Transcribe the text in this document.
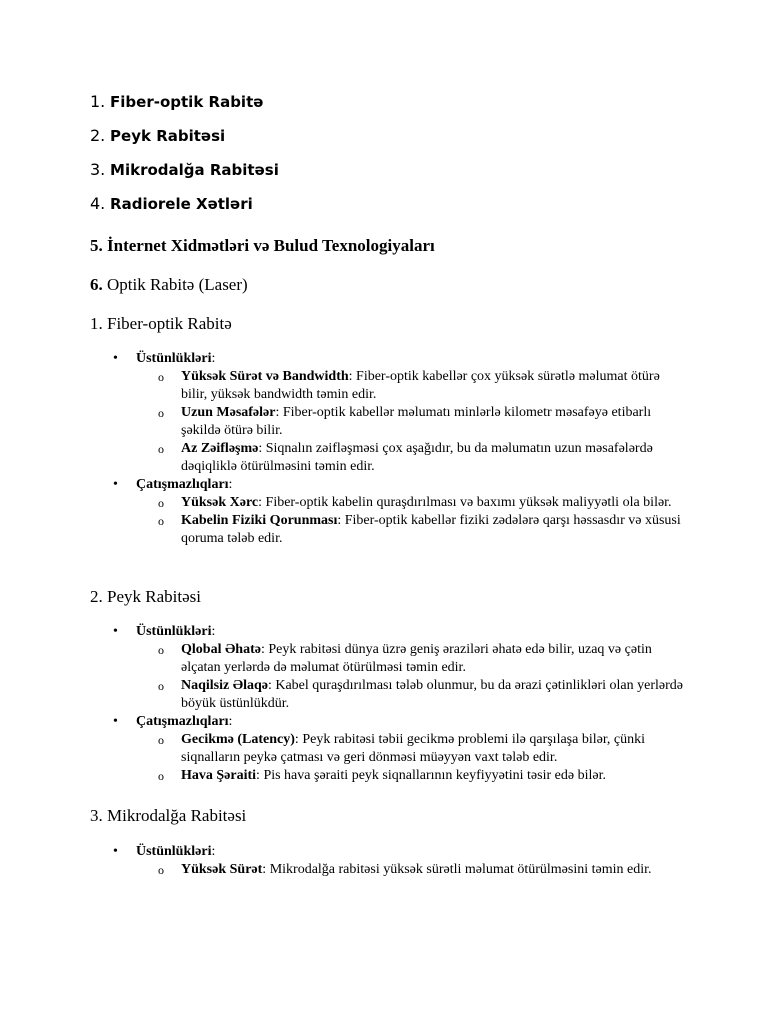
1. Fiber-optik Rabitə
2. Peyk Rabitəsi
3. Mikrodalğa Rabitəsi
4. Radiorele Xətləri
5. İnternet Xidmətləri və Bulud Texnologiyaları
6. Optik Rabitə (Laser)
1. Fiber-optik Rabitə
• Üstünlükləri:
o Yüksək Sürət və Bandwidth: Fiber-optik kabellər çox yüksək sürətlə məlumat ötürə bilir, yüksək bandwidth təmin edir.
o Uzun Məsafələr: Fiber-optik kabellər məlumatı minlərlə kilometr məsafəyə etibarlı şəkildə ötürə bilir.
o Az Zəifləşmə: Siqnalın zəifləşməsi çox aşağıdır, bu da məlumatın uzun məsafələrdə dəqiqliklə ötürülməsini təmin edir.
• Çatışmazlıqları:
o Yüksək Xərc: Fiber-optik kabelin quraşdırılması və baxımı yüksək maliyyətli ola bilər.
o Kabelin Fiziki Qorunması: Fiber-optik kabellər fiziki zədələrə qarşı həssasdır və xüsusi qoruma tələb edir.
2. Peyk Rabitəsi
• Üstünlükləri:
o Qlobal Əhatə: Peyk rabitəsi dünya üzrə geniş əraziləri əhatə edə bilir, uzaq və çətin əlçatan yerlərdə də məlumat ötürülməsi təmin edir.
o Naqilsiz Əlaqə: Kabel quraşdırılması tələb olunmur, bu da ərazi çətinlikləri olan yerlərdə böyük üstünlükdür.
• Çatışmazlıqları:
o Gecikmə (Latency): Peyk rabitəsi təbii gecikmə problemi ilə qarşılaşa bilər, çünki siqnalların peykə çatması və geri dönməsi müəyyən vaxt tələb edir.
o Hava Şəraiti: Pis hava şəraiti peyk siqnallarının keyfiyyətini təsir edə bilər.
3. Mikrodalğa Rabitəsi
• Üstünlükləri:
o Yüksək Sürət: Mikrodalğa rabitəsi yüksək sürətli məlumat ötürülməsini təmin edir.
